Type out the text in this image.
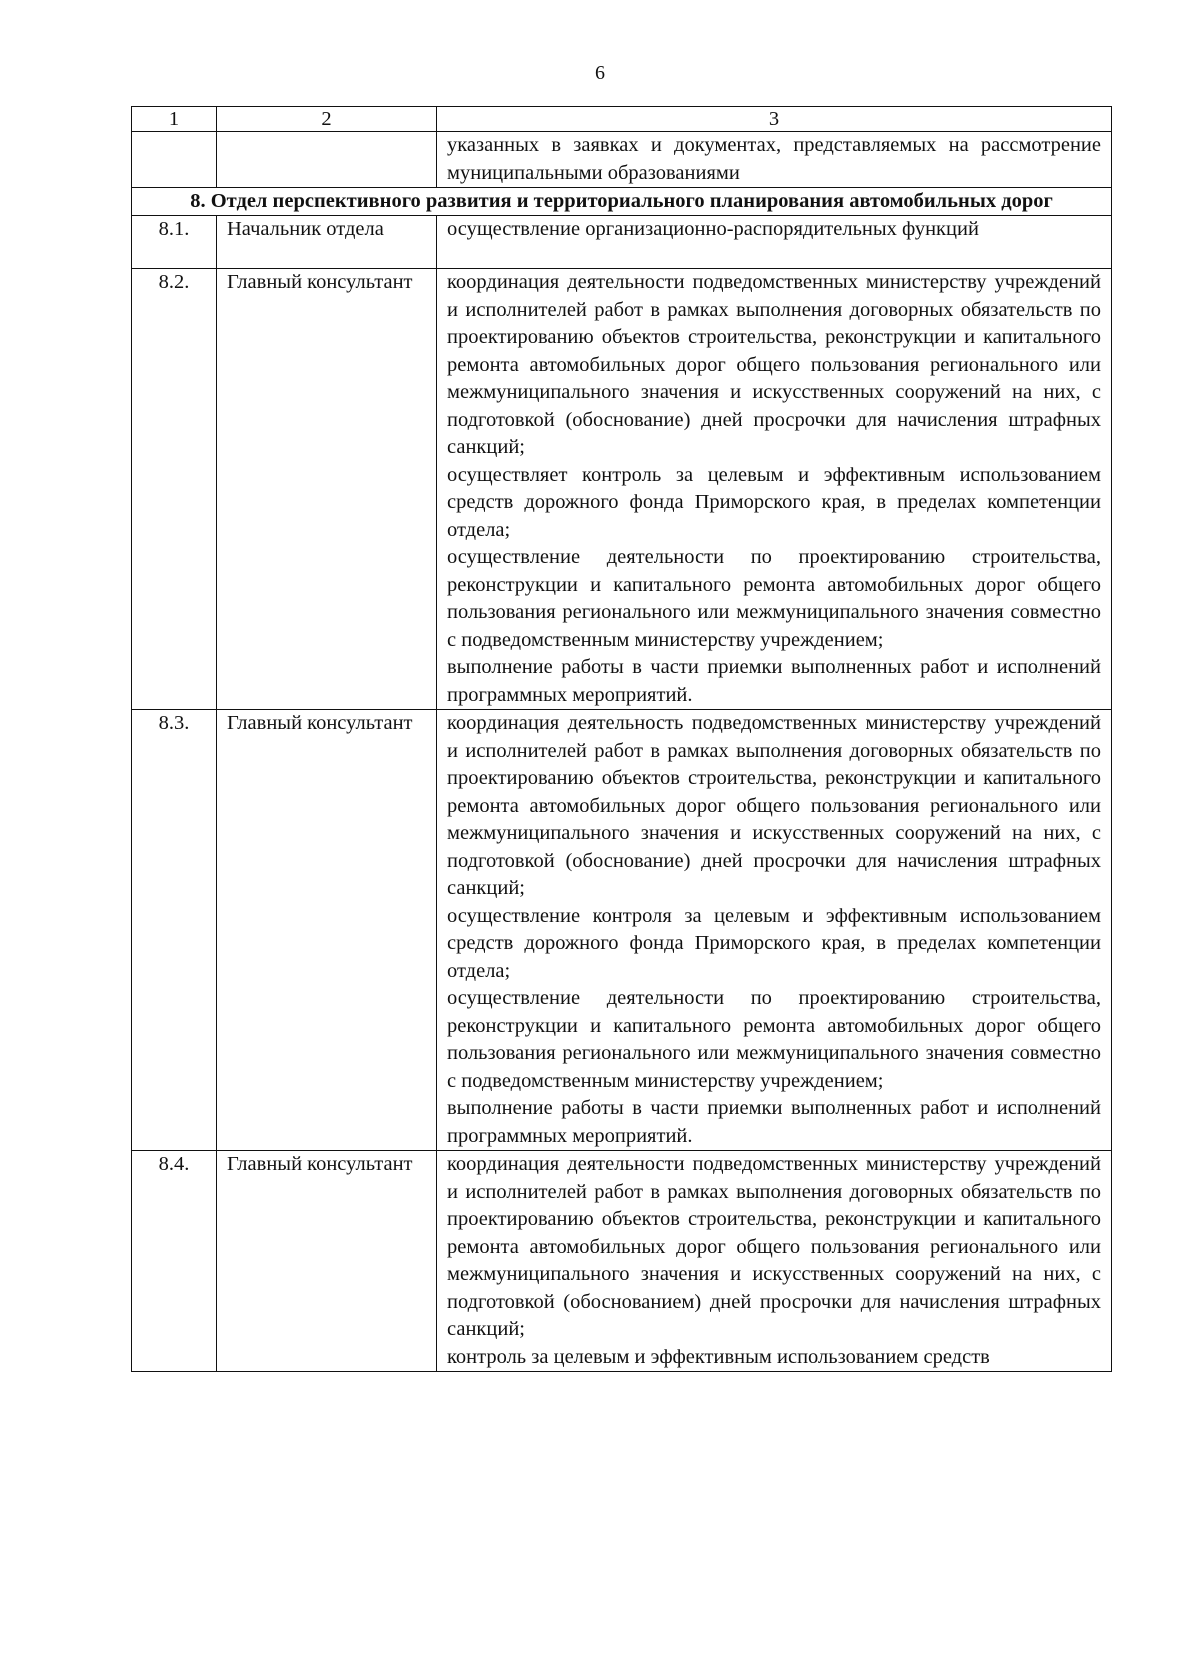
6
1	2	3
		указанных в заявках и документах, представляемых на рассмотрение муниципальными образованиями
8. Отдел перспективного развития и территориального планирования автомобильных дорог		
8.1.	Начальник отдела	осуществление организационно-распорядительных функций

8.2.	Главный консультант	координация деятельности подведомственных министерству учреждений и исполнителей работ в рамках выполнения договорных обязательств по проектированию объектов строительства, реконструкции и капитального ремонта автомобильных дорог общего пользования регионального или межмуниципального значения и искусственных сооружений на них, с подготовкой (обоснование) дней просрочки для начисления штрафных санкций;

осуществляет контроль за целевым и эффективным использованием средств дорожного фонда Приморского края, в пределах компетенции отдела;

осуществление деятельности по проектированию строительства, реконструкции и капитального ремонта автомобильных дорог общего пользования регионального или межмуниципального значения совместно с подведомственным министерству учреждением;

выполнение работы в части приемки выполненных работ и исполнений программных мероприятий.

8.3.	Главный консультант	координация деятельность подведомственных министерству учреждений и исполнителей работ в рамках выполнения договорных обязательств по проектированию объектов строительства, реконструкции и капитального ремонта автомобильных дорог общего пользования регионального или межмуниципального значения и искусственных сооружений на них, с подготовкой (обоснование) дней просрочки для начисления штрафных санкций;

осуществление контроля за целевым и эффективным использованием средств дорожного фонда Приморского края, в пределах компетенции отдела;

осуществление деятельности по проектированию строительства, реконструкции и капитального ремонта автомобильных дорог общего пользования регионального или межмуниципального значения совместно с подведомственным министерству учреждением;

выполнение работы в части приемки выполненных работ и исполнений программных мероприятий.

8.4.	Главный консультант	координация деятельности подведомственных министерству учреждений и исполнителей работ в рамках выполнения договорных обязательств по проектированию объектов строительства, реконструкции и капитального ремонта автомобильных дорог общего пользования регионального или межмуниципального значения и искусственных сооружений на них, с подготовкой (обоснованием) дней просрочки для начисления штрафных санкций;

контроль за целевым и эффективным использованием средств
